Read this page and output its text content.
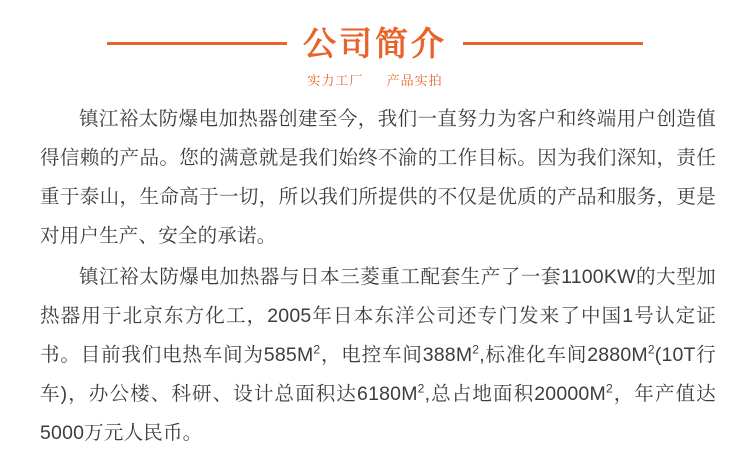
公司简介
实力工厂 产品实拍

镇江裕太防爆电加热器创建至今，我们一直努力为客户和终端用户创造值得信赖的产品。您的满意就是我们始终不渝的工作目标。因为我们深知，责任重于泰山，生命高于一切，所以我们所提供的不仅是优质的产品和服务，更是对用户生产、安全的承诺。

镇江裕太防爆电加热器与日本三菱重工配套生产了一套1100KW的大型加热器用于北京东方化工，2005年日本东洋公司还专门发来了中国1号认定证书。目前我们电热车间为$585M^2$，电控车间$388M^2$,标准化车间$2880M^2(10T$行车)，办公楼、科研、设计总面积达$6180M^2$,总占地面积$20000M^2$，年产值达5000万元人民币。
